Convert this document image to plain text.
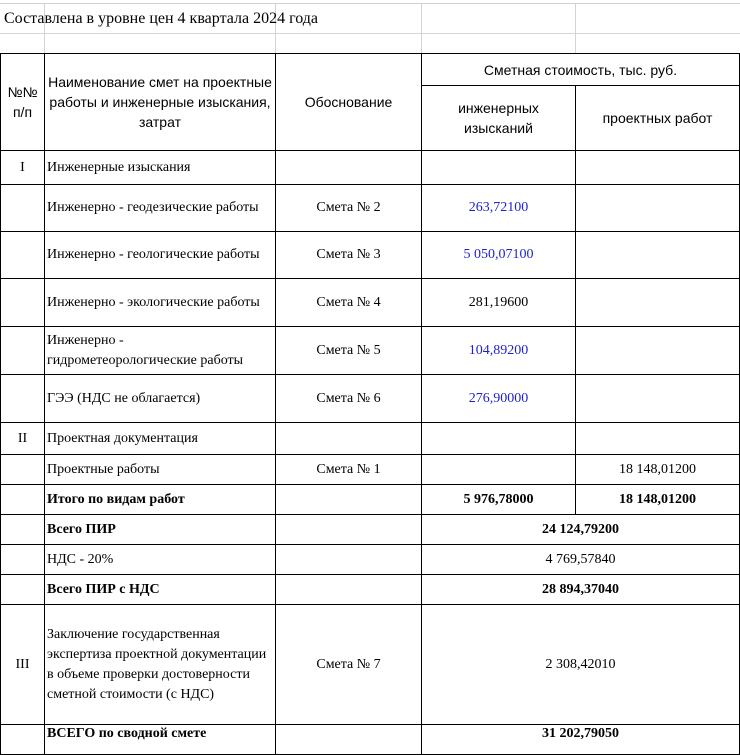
Составлена в уровне цен 4 квартала 2024 года
№№ п/п	Наименование смет на проектные работы и инженерные изыскания, затрат	Обоснование	Сметная стоимость, тыс. руб.	
			инженерных изысканий	проектных работ
I	Инженерные изыскания			
	Инженерно - геодезические работы	Смета № 2	263,72100	
	Инженерно - геологические работы	Смета № 3	5 050,07100	
	Инженерно - экологические работы	Смета № 4	281,19600	
	Инженерно - гидрометеорологические работы	Смета № 5	104,89200	
	ГЭЭ (НДС не облагается)	Смета № 6	276,90000	
II	Проектная документация			
	Проектные работы	Смета № 1		18 148,01200
	Итого по видам работ		5 976,78000	18 148,01200
	Всего ПИР		24 124,79200	
	НДС - 20%		4 769,57840	
	Всего ПИР с НДС		28 894,37040	
III	Заключение государственная экспертиза проектной документации в объеме проверки достоверности сметной стоимости (с НДС)	Смета № 7	2 308,42010	
	ВСЕГО по сводной смете		31 202,79050	
